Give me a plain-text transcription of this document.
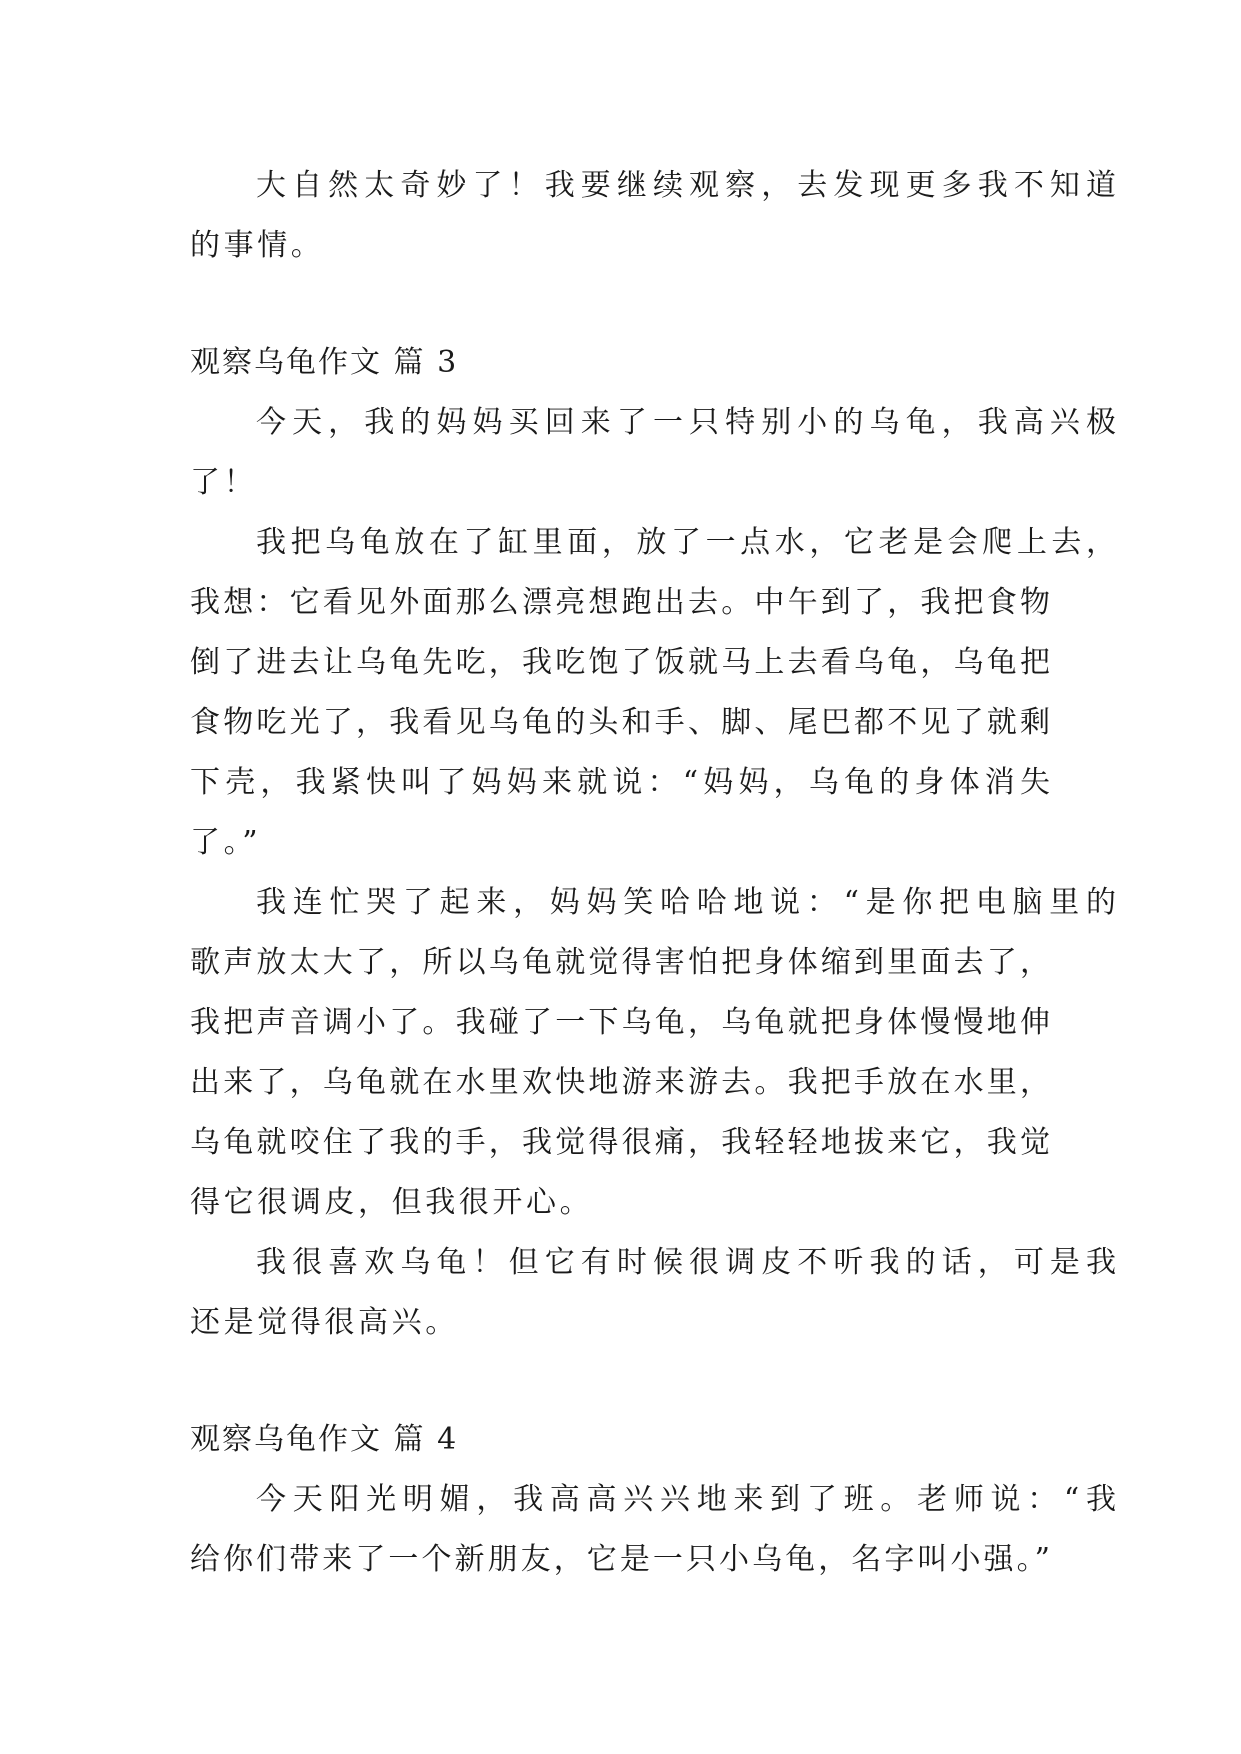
大自然太奇妙了！我要继续观察，去发现更多我不知道
的事情。
观察乌龟作文 篇 3
今天，我的妈妈买回来了一只特别小的乌龟，我高兴极
了！
我把乌龟放在了缸里面，放了一点水，它老是会爬上去，
我想：它看见外面那么漂亮想跑出去。中午到了，我把食物
倒了进去让乌龟先吃，我吃饱了饭就马上去看乌龟，乌龟把
食物吃光了，我看见乌龟的头和手、脚、尾巴都不见了就剩
下壳，我紧快叫了妈妈来就说：“妈妈，乌龟的身体消失
了。”
我连忙哭了起来，妈妈笑哈哈地说：“是你把电脑里的
歌声放太大了，所以乌龟就觉得害怕把身体缩到里面去了，
我把声音调小了。我碰了一下乌龟，乌龟就把身体慢慢地伸
出来了，乌龟就在水里欢快地游来游去。我把手放在水里，
乌龟就咬住了我的手，我觉得很痛，我轻轻地拔来它，我觉
得它很调皮，但我很开心。
我很喜欢乌龟！但它有时候很调皮不听我的话，可是我
还是觉得很高兴。
观察乌龟作文 篇 4
今天阳光明媚，我高高兴兴地来到了班。老师说：“我
给你们带来了一个新朋友，它是一只小乌龟，名字叫小强。”
